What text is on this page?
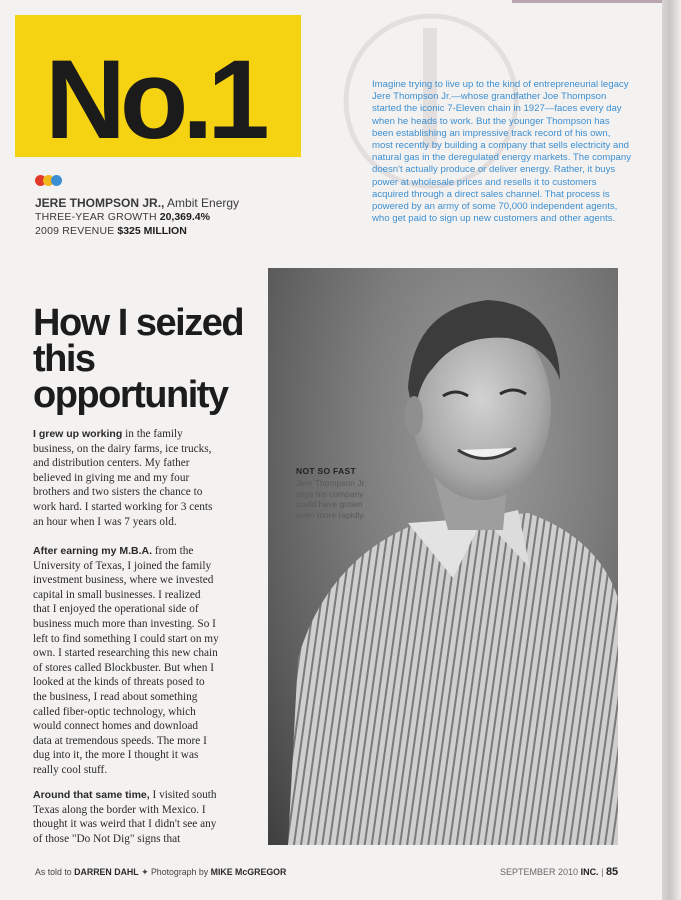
No.1
JERE THOMPSON JR., Ambit Energy
THREE-YEAR GROWTH 20,369.4%
2009 REVENUE $325 MILLION
Imagine trying to live up to the kind of entrepreneurial legacy Jere Thompson Jr.—whose grandfather Joe Thompson started the iconic 7-Eleven chain in 1927—faces every day when he heads to work. But the younger Thompson has been establishing an impressive track record of his own, most recently by building a company that sells electricity and natural gas in the deregulated energy markets. The company doesn't actually produce or deliver energy. Rather, it buys power at wholesale prices and resells it to customers acquired through a direct sales channel. That process is powered by an army of some 70,000 independent agents, who get paid to sign up new customers and other agents.
How I seized this opportunity
I grew up working in the family business, on the dairy farms, ice trucks, and distribution centers. My father believed in giving me and my four brothers and two sisters the chance to work hard. I started working for 3 cents an hour when I was 7 years old.
After earning my M.B.A. from the University of Texas, I joined the family investment business, where we invested capital in small businesses. I realized that I enjoyed the operational side of business much more than investing. So I left to find something I could start on my own. I started researching this new chain of stores called Blockbuster. But when I looked at the kinds of threats posed to the business, I read about something called fiber-optic technology, which would connect homes and download data at tremendous speeds. The more I dug into it, the more I thought it was really cool stuff.
Around that same time, I visited south Texas along the border with Mexico. I thought it was weird that I didn't see any of those "Do Not Dig" signs that
NOT SO FAST
Jere Thompson Jr. says his company could have grown even more rapidly.
As told to DARREN DAHL ✦ Photograph by MIKE McGREGOR	SEPTEMBER 2010 INC. | 85
